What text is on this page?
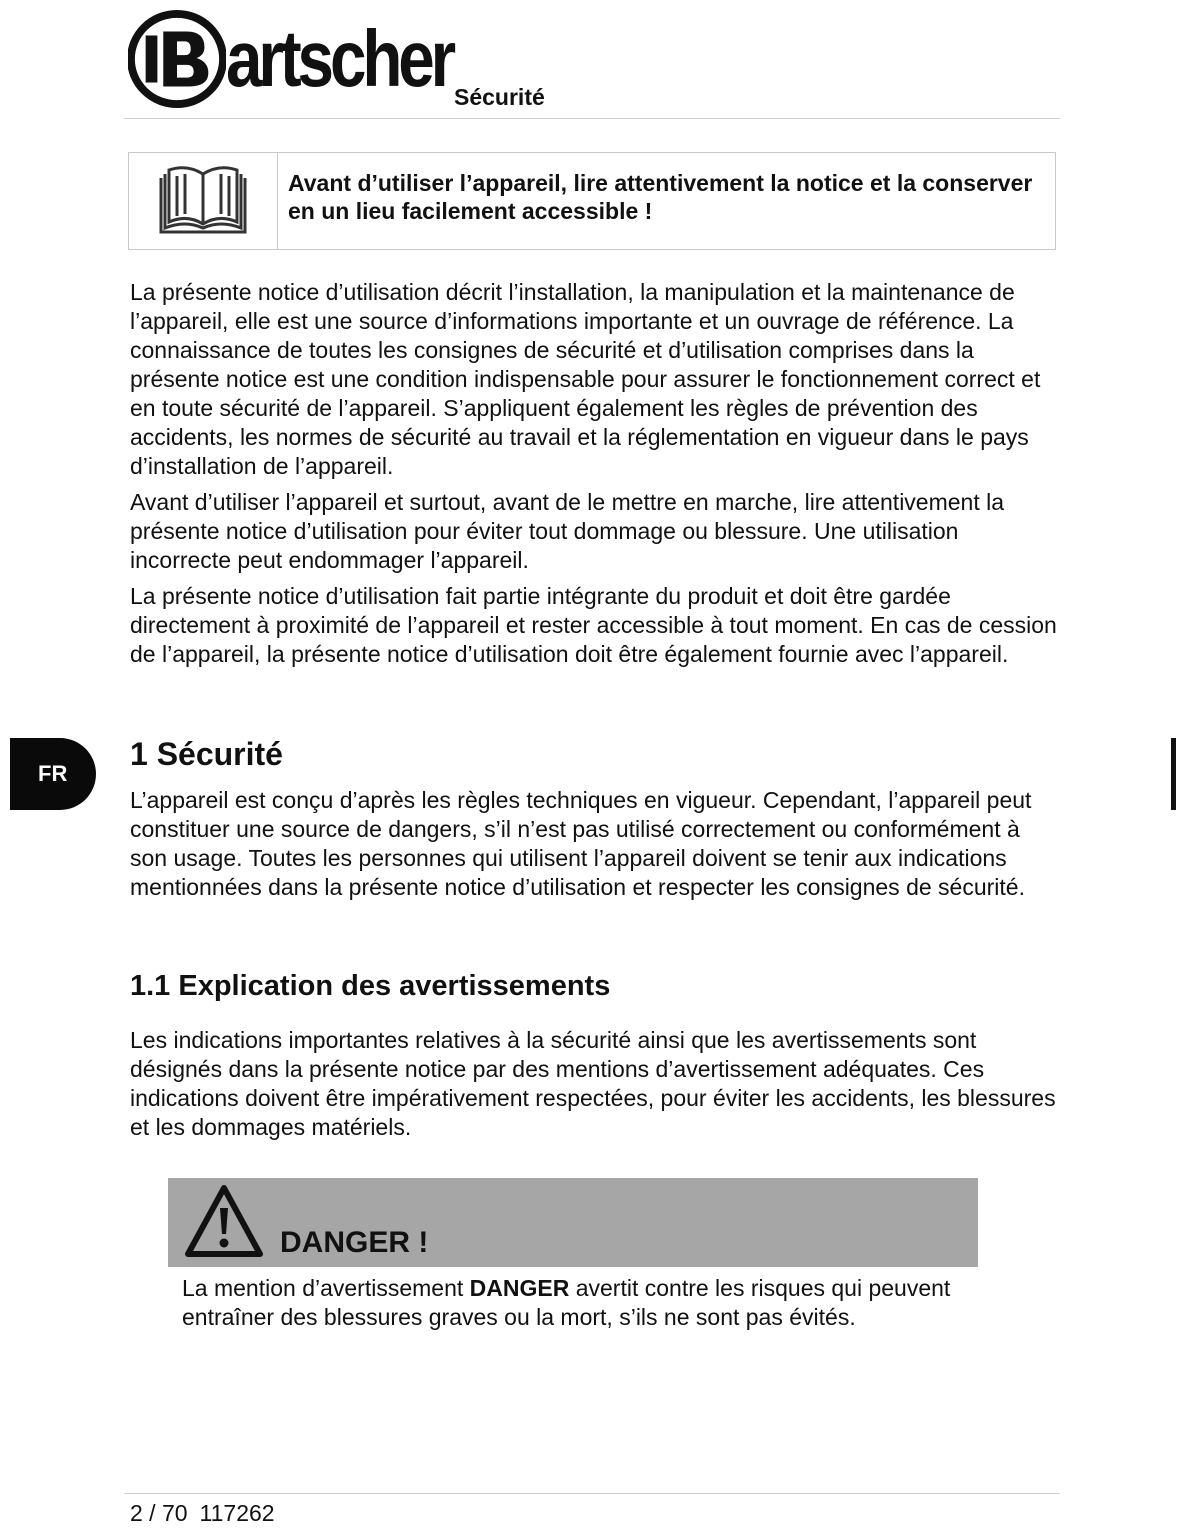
artscher Sécurité
Avant d’utiliser l’appareil, lire attentivement la notice et la conserver en un lieu facilement accessible !

La présente notice d’utilisation décrit l’installation, la manipulation et la maintenance de l’appareil, elle est une source d’informations importante et un ouvrage de référence. La connaissance de toutes les consignes de sécurité et d’utilisation comprises dans la présente notice est une condition indispensable pour assurer le fonctionnement correct et en toute sécurité de l’appareil. S’appliquent également les règles de prévention des accidents, les normes de sécurité au travail et la réglementation en vigueur dans le pays d’installation de l’appareil.

Avant d’utiliser l’appareil et surtout, avant de le mettre en marche, lire attentivement la présente notice d’utilisation pour éviter tout dommage ou blessure. Une utilisation incorrecte peut endommager l’appareil.

La présente notice d’utilisation fait partie intégrante du produit et doit être gardée directement à proximité de l’appareil et rester accessible à tout moment. En cas de cession de l’appareil, la présente notice d’utilisation doit être également fournie avec l’appareil.

FR
1 Sécurité

L’appareil est conçu d’après les règles techniques en vigueur. Cependant, l’appareil peut constituer une source de dangers, s’il n’est pas utilisé correctement ou conformément à son usage. Toutes les personnes qui utilisent l’appareil doivent se tenir aux indications mentionnées dans la présente notice d’utilisation et respecter les consignes de sécurité.

1.1 Explication des avertissements

Les indications importantes relatives à la sécurité ainsi que les avertissements sont désignés dans la présente notice par des mentions d’avertissement adéquates. Ces indications doivent être impérativement respectées, pour éviter les accidents, les blessures et les dommages matériels.

DANGER !

La mention d’avertissement DANGER avertit contre les risques qui peuvent entraîner des blessures graves ou la mort, s’ils ne sont pas évités.

2 / 70 117262
